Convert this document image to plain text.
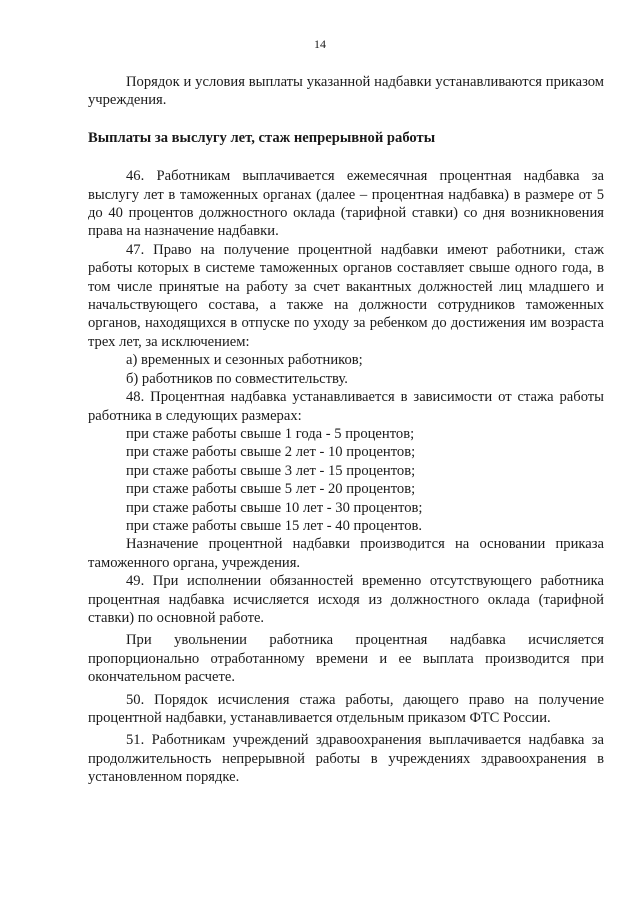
14

Порядок и условия выплаты указанной надбавки устанавливаются приказом учреждения.

Выплаты за выслугу лет, стаж непрерывной работы

46. Работникам выплачивается ежемесячная процентная надбавка за выслугу лет в таможенных органах (далее – процентная надбавка) в размере от 5 до 40 процентов должностного оклада (тарифной ставки) со дня возникновения права на назначение надбавки.

47. Право на получение процентной надбавки имеют работники, стаж работы которых в системе таможенных органов составляет свыше одного года, в том числе принятые на работу за счет вакантных должностей лиц младшего и начальствующего состава, а также на должности сотрудников таможенных органов, находящихся в отпуске по уходу за ребенком до достижения им возраста трех лет, за исключением:

а) временных и сезонных работников;

б) работников по совместительству.

48. Процентная надбавка устанавливается в зависимости от стажа работы работника в следующих размерах:

при стаже работы свыше 1 года - 5 процентов;

при стаже работы свыше 2 лет - 10 процентов;

при стаже работы свыше 3 лет - 15 процентов;

при стаже работы свыше 5 лет - 20 процентов;

при стаже работы свыше 10 лет - 30 процентов;

при стаже работы свыше 15 лет - 40 процентов.

Назначение процентной надбавки производится на основании приказа таможенного органа, учреждения.

49. При исполнении обязанностей временно отсутствующего работника процентная надбавка исчисляется исходя из должностного оклада (тарифной ставки) по основной работе.

При увольнении работника процентная надбавка исчисляется пропорционально отработанному времени и ее выплата производится при окончательном расчете.

50. Порядок исчисления стажа работы, дающего право на получение процентной надбавки, устанавливается отдельным приказом ФТС России.

51. Работникам учреждений здравоохранения выплачивается надбавка за продолжительность непрерывной работы в учреждениях здравоохранения в установленном порядке.
